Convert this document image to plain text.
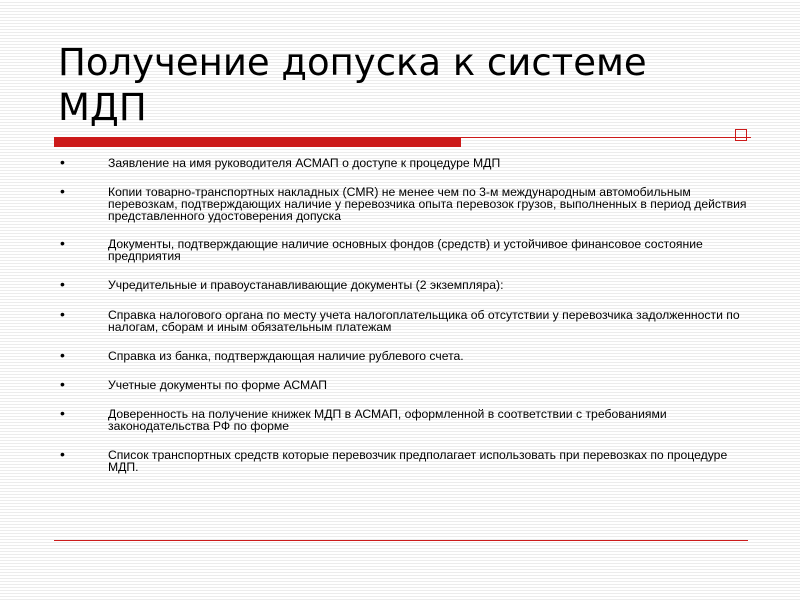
Получение допуска к системе МДП
•	Заявление на имя руководителя АСМАП о доступе к процедуре МДП
•	Копии товарно-транспортных накладных (CMR) не менее чем по 3-м международным автомобильным перевозкам, подтверждающих наличие у перевозчика опыта перевозок грузов, выполненных в период действия представленного удостоверения допуска
•	Документы, подтверждающие наличие основных фондов (средств) и устойчивое финансовое состояние предприятия
•	Учредительные и правоустанавливающие документы (2 экземпляра):
•	Справка налогового органа по месту учета налогоплательщика об отсутствии у перевозчика задолженности по налогам, сборам и иным обязательным платежам
•	Справка из банка, подтверждающая наличие рублевого счета.
•	Учетные документы по форме АСМАП
•	Доверенность на получение книжек МДП в АСМАП, оформленной в соответствии с требованиями законодательства РФ по форме
•	Список транспортных средств которые перевозчик предполагает использовать при перевозках по процедуре МДП.
